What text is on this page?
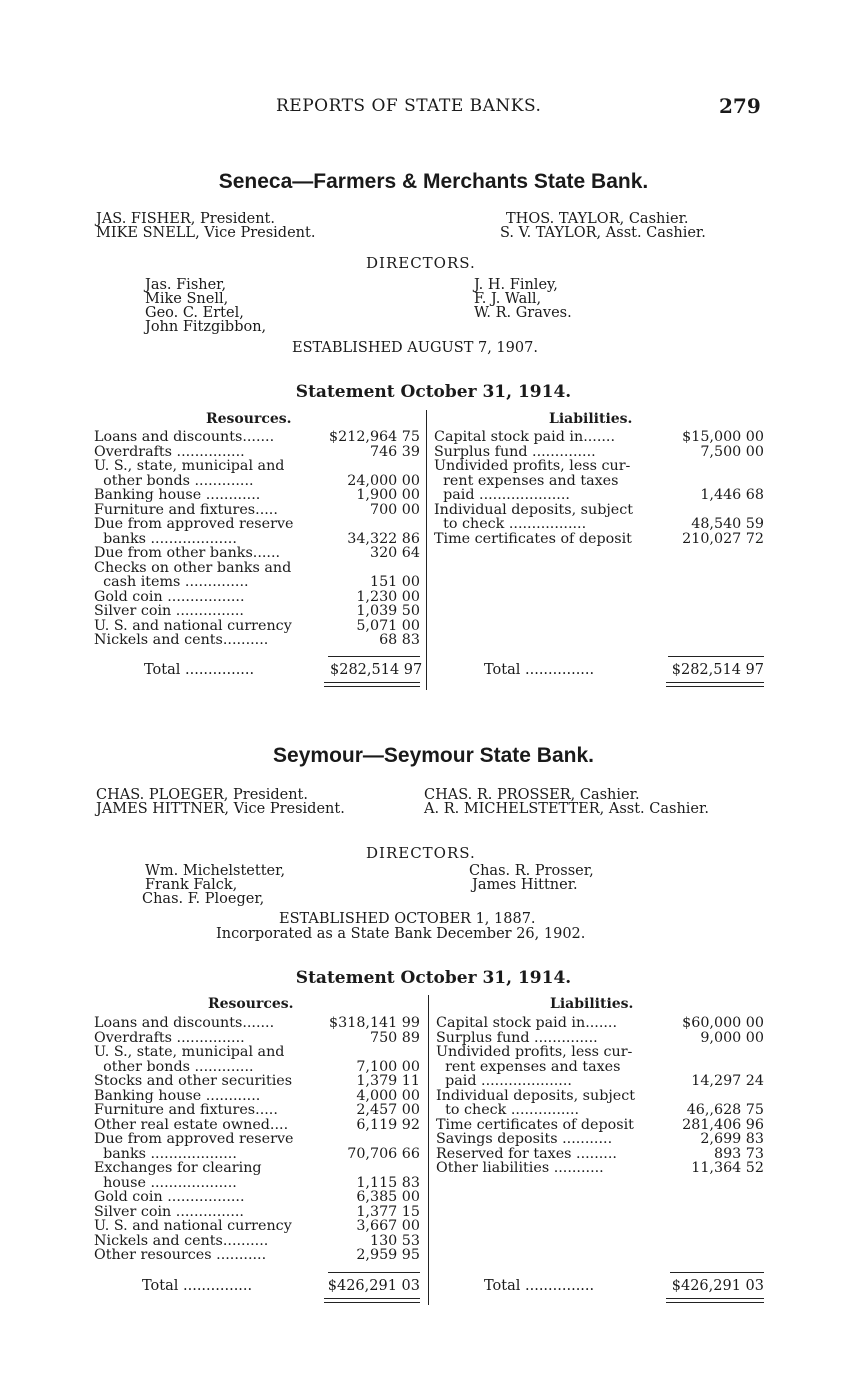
REPORTS OF STATE BANKS.	279
Seneca—Farmers & Merchants State Bank.
JAS. FISHER, President.
MIKE SNELL, Vice President.
THOS. TAYLOR, Cashier.
S. V. TAYLOR, Asst. Cashier.
DIRECTORS.
Jas. Fisher,
Mike Snell,
Geo. C. Ertel,
John Fitzgibbon,
J. H. Finley,
F. J. Wall,
W. R. Graves.
ESTABLISHED AUGUST 7, 1907.
Statement October 31, 1914.
Resources.	Liabilities.
Loans and discounts.......	$212,964 75
Overdrafts ...............	746 39
U. S., state, municipal and
other bonds .............	24,000 00
Banking house ............	1,900 00
Furniture and fixtures.....	700 00
Due from approved reserve
banks ...................	34,322 86
Due from other banks......	320 64
Checks on other banks and
cash items ..............	151 00
Gold coin .................	1,230 00
Silver coin ...............	1,039 50
U. S. and national currency	5,071 00
Nickels and cents..........	68 83
Capital stock paid in.......	$15,000 00
Surplus fund ..............	7,500 00
Undivided profits, less cur-
rent expenses and taxes
paid ....................	1,446 68
Individual deposits, subject
to check .................	48,540 59
Time certificates of deposit	210,027 72
Total ...............	$282,514 97	Total ...............	$282,514 97
Seymour—Seymour State Bank.
CHAS. PLOEGER, President.
JAMES HITTNER, Vice President.
CHAS. R. PROSSER, Cashier.
A. R. MICHELSTETTER, Asst. Cashier.
DIRECTORS.
Wm. Michelstetter,
Frank Falck,
Chas. F. Ploeger,
Chas. R. Prosser,
James Hittner.
ESTABLISHED OCTOBER 1, 1887.
Incorporated as a State Bank December 26, 1902.
Statement October 31, 1914.
Resources.	Liabilities.
Loans and discounts.......	$318,141 99
Overdrafts ...............	750 89
U. S., state, municipal and
other bonds .............	7,100 00
Stocks and other securities	1,379 11
Banking house ............	4,000 00
Furniture and fixtures.....	2,457 00
Other real estate owned....	6,119 92
Due from approved reserve
banks ...................	70,706 66
Exchanges for clearing
house ...................	1,115 83
Gold coin .................	6,385 00
Silver coin ...............	1,377 15
U. S. and national currency	3,667 00
Nickels and cents..........	130 53
Other resources ...........	2,959 95
Capital stock paid in.......	$60,000 00
Surplus fund ..............	9,000 00
Undivided profits, less cur-
rent expenses and taxes
paid ....................	14,297 24
Individual deposits, subject
to check ...............	46,,628 75
Time certificates of deposit	281,406 96
Savings deposits ...........	2,699 83
Reserved for taxes .........	893 73
Other liabilities ...........	11,364 52
Total ...............	$426,291 03	Total ...............	$426,291 03
